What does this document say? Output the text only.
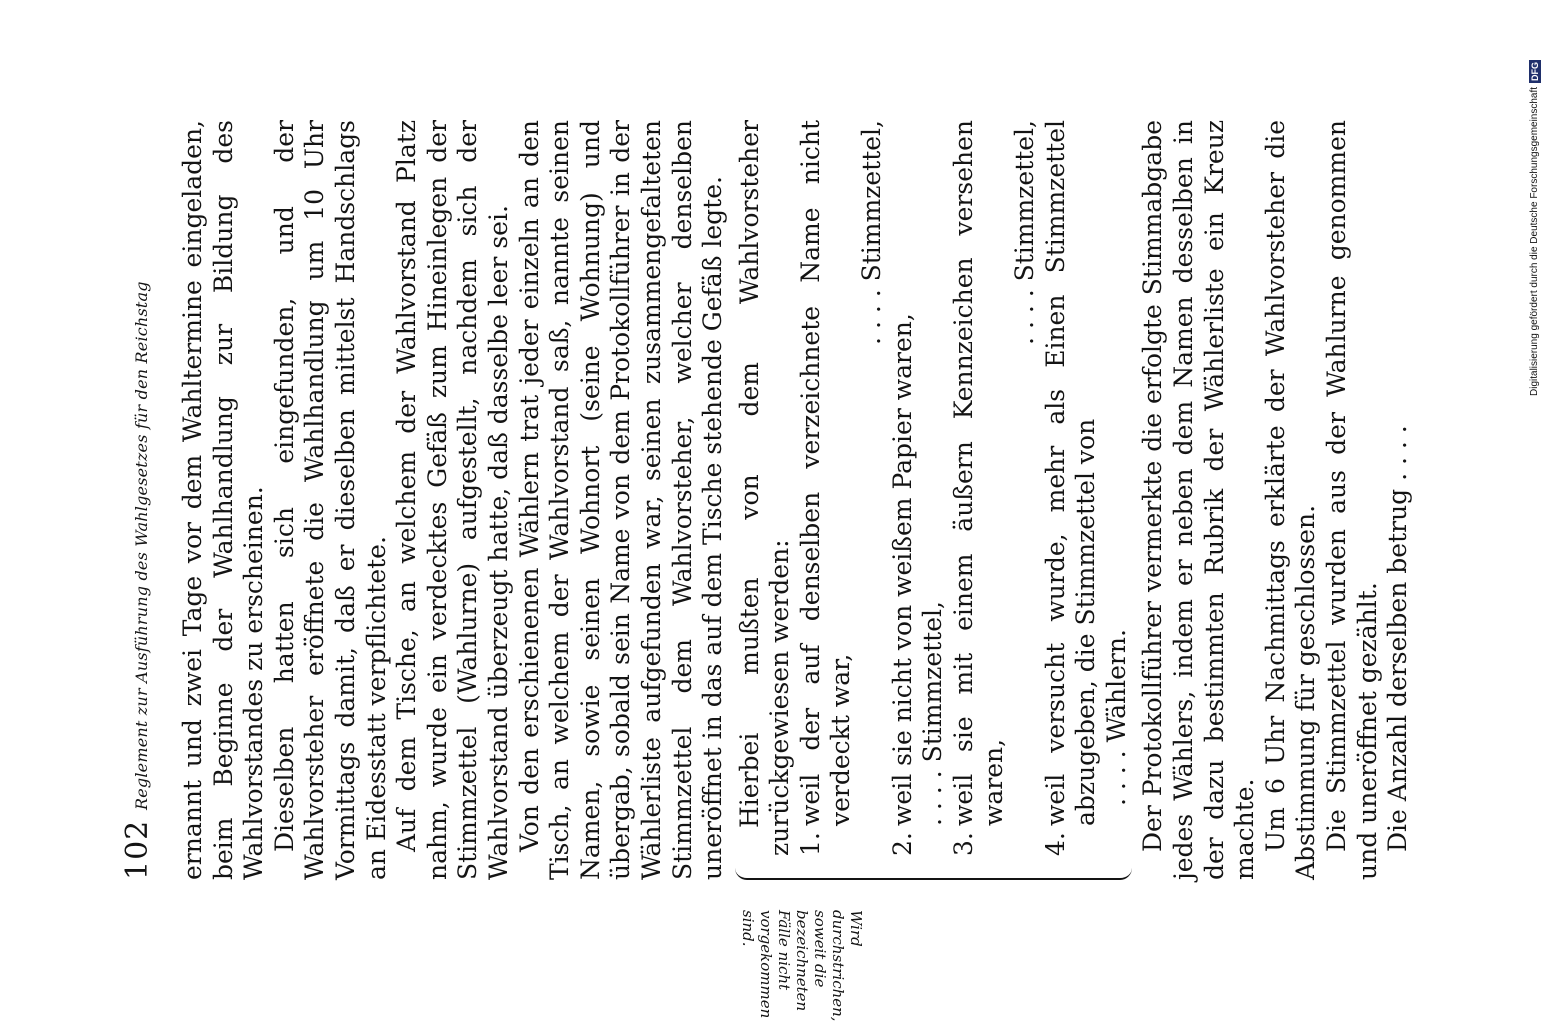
102
Reglement zur Ausführung des Wahlgesetzes für den Reichstag ernannt und zwei Tage vor dem Wahltermine eingeladen, beim Beginne der Wahlhandlung zur Bildung des Wahlvorstandes zu erscheinen. Dieselben hatten sich eingefunden, und der Wahlvorsteher eröffnete die Wahlhandlung um 10 Uhr Vormittags damit, daß er dieselben mittelst Handschlags an Eidesstatt verpflichtete. Auf dem Tische, an welchem der Wahlvorstand Platz nahm, wurde ein verdecktes Gefäß zum Hineinlegen der Stimmzettel (Wahlurne) aufgestellt, nachdem sich der Wahlvorstand überzeugt hatte, daß dasselbe leer sei. Von den erschienenen Wählern trat jeder einzeln an den Tisch, an welchem der Wahlvorstand saß, nannte seinen Namen, sowie seinen Wohnort (seine Wohnung) und übergab, sobald sein Name von dem Protokollführer in der Wählerliste aufgefunden war, seinen zusammengefalteten Stimmzettel dem Wahlvorsteher, welcher denselben uneröffnet in das auf dem Tische stehende Gefäß legte.

Wird durchstrichen, soweit die bezeichneten Fälle nicht vorgekommen sind.

Hierbei mußten von dem Wahlvorsteher zurückgewiesen werden: 1.
weil der auf denselben verzeichnete Name nicht verdeckt war,

. . . . Stimmzettel,
2.
weil sie nicht von weißem Papier waren, . . . . Stimmzettel,
3.
weil sie mit einem äußern Kennzeichen versehen waren,

. . . . Stimmzettel,
4.
weil versucht wurde, mehr als Einen Stimmzettel abzugeben, die Stimmzettel von . . . . Wählern. Der Protokollführer vermerkte die erfolgte Stimmabgabe jedes Wählers, indem er neben dem Namen desselben in der dazu bestimmten Rubrik der Wählerliste ein Kreuz machte. Um 6 Uhr Nachmittags erklärte der Wahlvorsteher die Abstimmung für geschlossen. Die Stimmzettel wurden aus der Wahlurne genommen und uneröffnet gezählt. Die Anzahl derselben betrug . . . .

Digitalisierung gefördert durch die Deutsche Forschungsgemeinschaft
DFG
